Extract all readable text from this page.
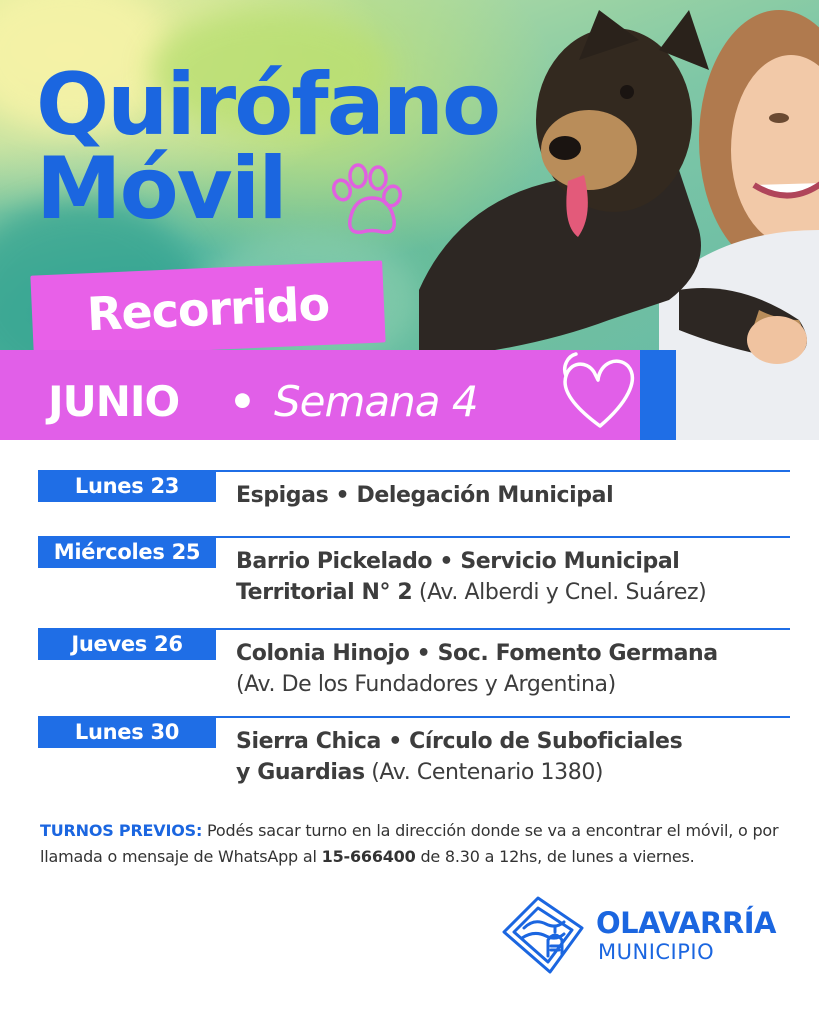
Quirófano
Móvil
Recorrido
JUNIO • Semana 4
Lunes 23	Espigas • Delegación Municipal
Miércoles 25	Barrio Pickelado • Servicio Municipal
Territorial N° 2 (Av. Alberdi y Cnel. Suárez)
Jueves 26	Colonia Hinojo • Soc. Fomento Germana
(Av. De los Fundadores y Argentina)
Lunes 30	Sierra Chica • Círculo de Suboficiales
y Guardias (Av. Centenario 1380)
TURNOS PREVIOS: Podés sacar turno en la dirección donde se va a encontrar el móvil, o por llamada o mensaje de WhatsApp al 15-666400 de 8.30 a 12hs, de lunes a viernes.
OLAVARRÍA
MUNICIPIO
